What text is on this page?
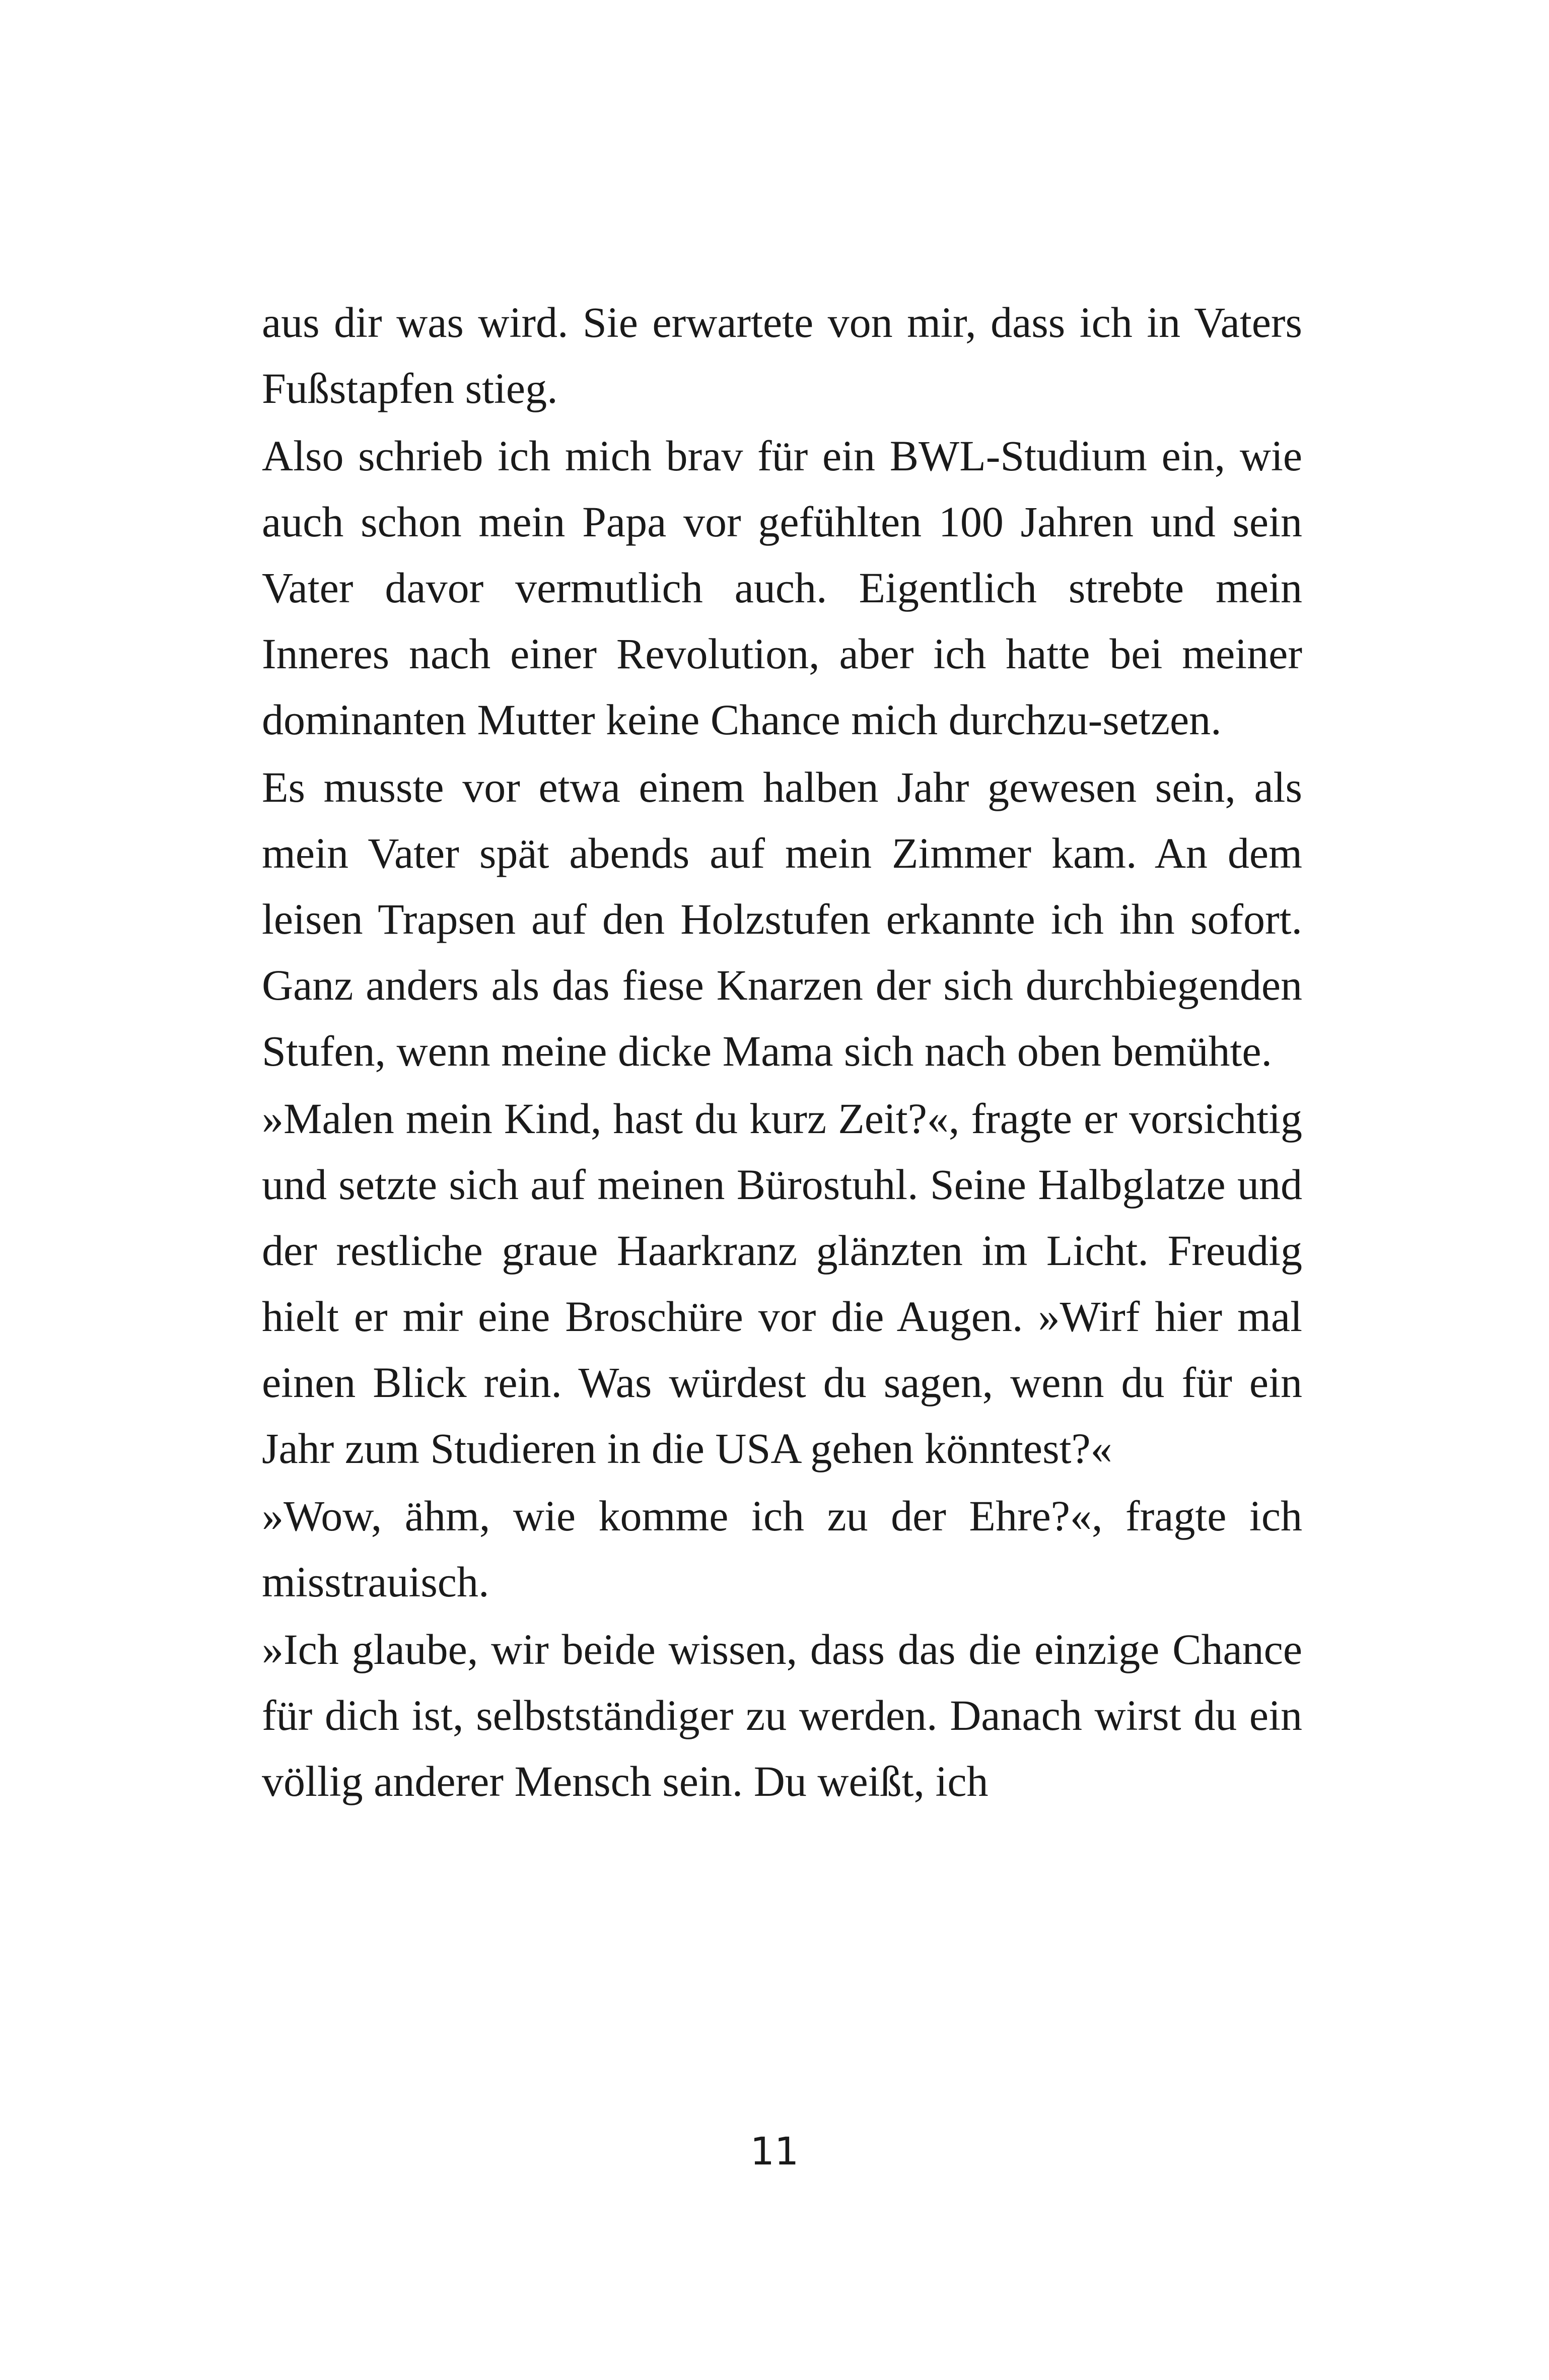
aus dir was wird. Sie erwartete von mir, dass ich in Vaters Fußstapfen stieg.

Also schrieb ich mich brav für ein BWL-Studium ein, wie auch schon mein Papa vor gefühlten 100 Jahren und sein Vater davor vermutlich auch. Eigentlich strebte mein Inneres nach einer Revolution, aber ich hatte bei meiner dominanten Mutter keine Chance mich durchzu-setzen.

Es musste vor etwa einem halben Jahr gewesen sein, als mein Vater spät abends auf mein Zimmer kam. An dem leisen Trapsen auf den Holzstufen erkannte ich ihn sofort. Ganz anders als das fiese Knarzen der sich durchbiegenden Stufen, wenn meine dicke Mama sich nach oben bemühte.

»Malen mein Kind, hast du kurz Zeit?«, fragte er vorsichtig und setzte sich auf meinen Bürostuhl. Seine Halbglatze und der restliche graue Haarkranz glänzten im Licht. Freudig hielt er mir eine Broschüre vor die Augen. »Wirf hier mal einen Blick rein. Was würdest du sagen, wenn du für ein Jahr zum Studieren in die USA gehen könntest?«

»Wow, ähm, wie komme ich zu der Ehre?«, fragte ich misstrauisch.

»Ich glaube, wir beide wissen, dass das die einzige Chance für dich ist, selbstständiger zu werden. Danach wirst du ein völlig anderer Mensch sein. Du weißt, ich

11
